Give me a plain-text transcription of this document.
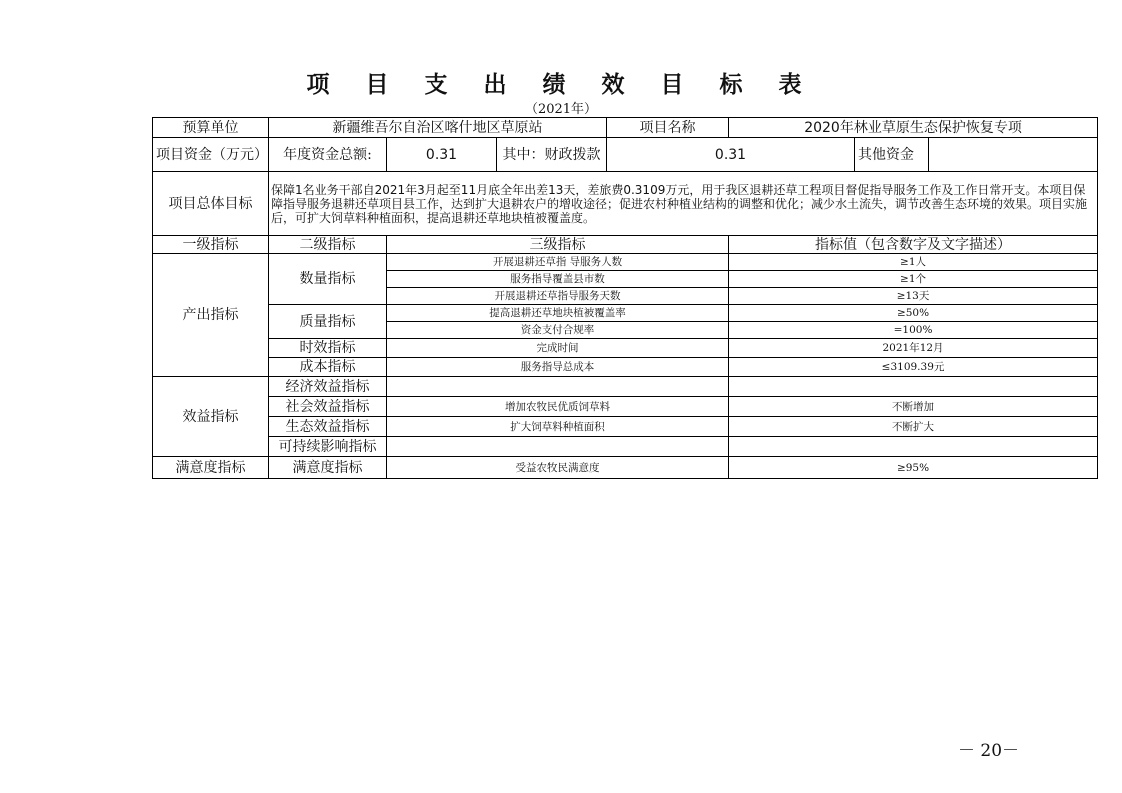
项 目 支 出 绩 效 目 标 表
（2021年）
预算单位	新疆维吾尔自治区喀什地区草原站			项目名称	2020年林业草原生态保护恢复专项		
项目资金（万元）	年度资金总额:	0.31	其中：财政拨款	0.31		其他资金	
项目总体目标	保障1名业务干部自2021年3月起至11月底全年出差13天，差旅费0.3109万元，用于我区退耕还草工程项目督促指导服务工作及工作日常开支。本项目保障指导服务退耕还草项目县工作，达到扩大退耕农户的增收途径；促进农村种植业结构的调整和优化；减少水土流失，调节改善生态环境的效果。项目实施后，可扩大饲草料种植面积，提高退耕还草地块植被覆盖度。						
一级指标	二级指标	三级指标			指标值（包含数字及文字描述）		
产出指标	数量指标	开展退耕还草指 导服务人数			≥1人		
		服务指导覆盖县市数			≥1个		
		开展退耕还草指导服务天数			≥13天		
	质量指标	提高退耕还草地块植被覆盖率			≥50%		
		资金支付合规率			=100%		
	时效指标	完成时间			2021年12月		
	成本指标	服务指导总成本			≤3109.39元		
效益指标	经济效益指标						
	社会效益指标	增加农牧民优质饲草料			不断增加		
	生态效益指标	扩大饲草料种植面积			不断扩大		
	可持续影响指标						
满意度指标	满意度指标	受益农牧民满意度			≥95%		
－ 20－
